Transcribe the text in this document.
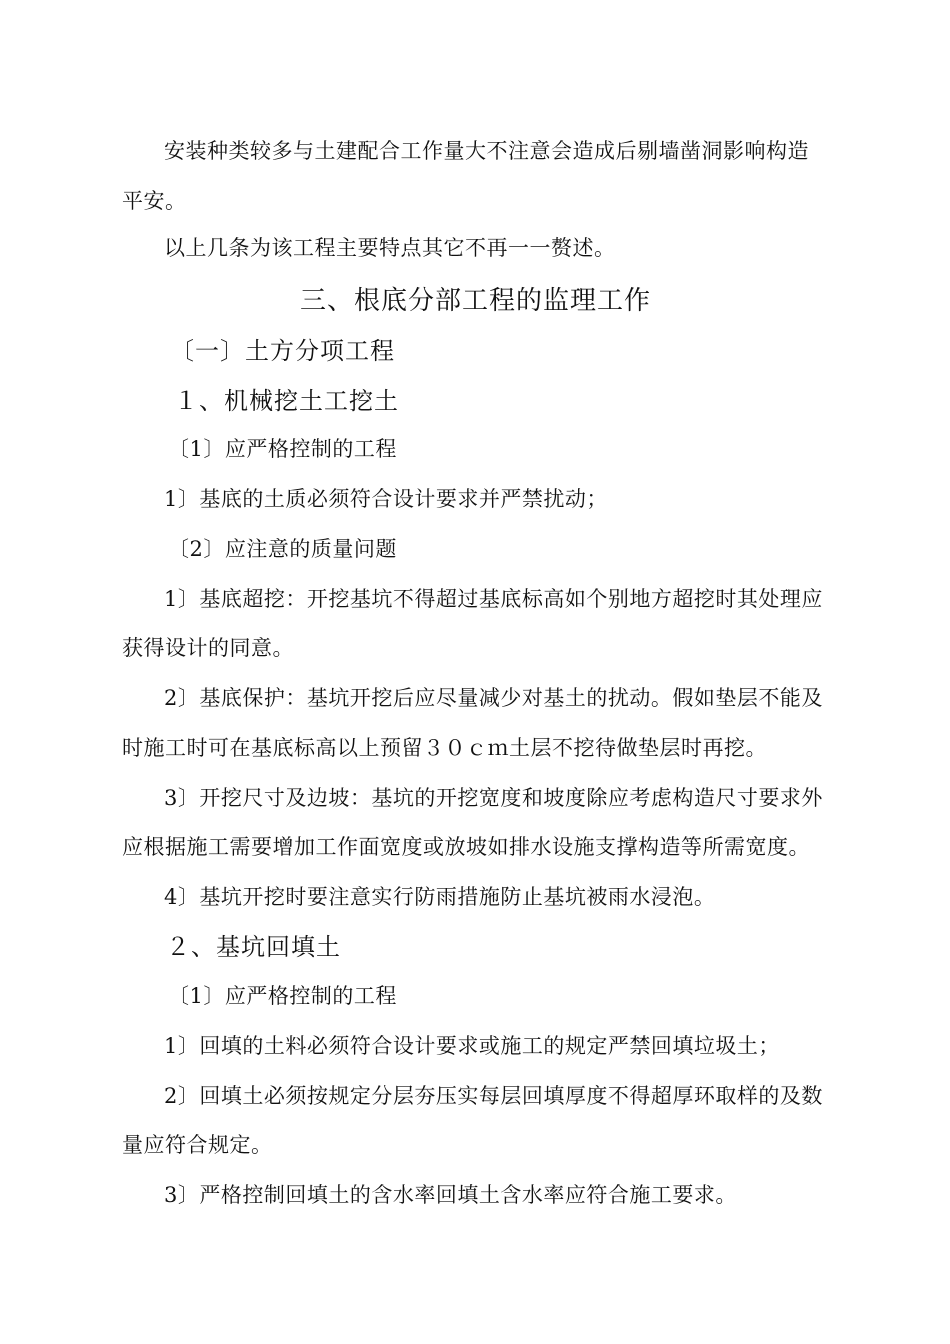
安装种类较多与土建配合工作量大不注意会造成后剔墙凿洞影响构造
平安。
以上几条为该工程主要特点其它不再一一赘述。
三、根底分部工程的监理工作
〔一〕土方分项工程
１、机械挖土工挖土
〔1〕应严格控制的工程
1〕基底的土质必须符合设计要求并严禁扰动；
〔2〕应注意的质量问题
1〕基底超挖：开挖基坑不得超过基底标高如个别地方超挖时其处理应
获得设计的同意。
2〕基底保护：基坑开挖后应尽量减少对基土的扰动。假如垫层不能及
时施工时可在基底标高以上预留３０ｃｍ土层不挖待做垫层时再挖。
3〕开挖尺寸及边坡：基坑的开挖宽度和坡度除应考虑构造尺寸要求外
应根据施工需要增加工作面宽度或放坡如排水设施支撑构造等所需宽度。
4〕基坑开挖时要注意实行防雨措施防止基坑被雨水浸泡。
２、基坑回填土
〔1〕应严格控制的工程
1〕回填的土料必须符合设计要求或施工的规定严禁回填垃圾土；
2〕回填土必须按规定分层夯压实每层回填厚度不得超厚环取样的及数
量应符合规定。
3〕严格控制回填土的含水率回填土含水率应符合施工要求。
